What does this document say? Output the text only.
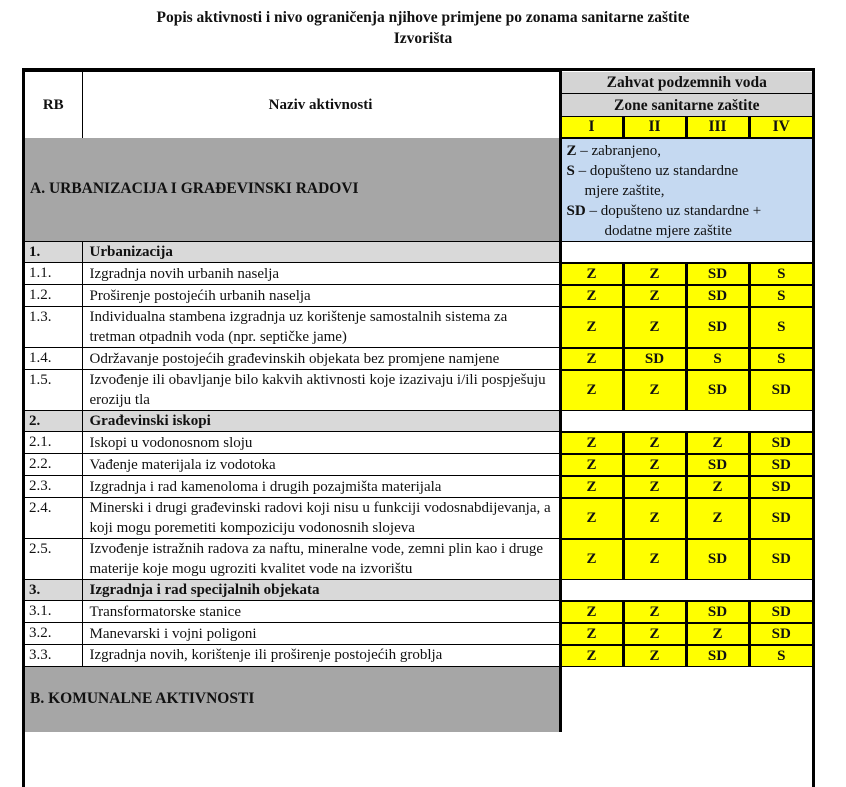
Popis aktivnosti i nivo ograničenja njihove primjene po zonama sanitarne zaštite
Izvorišta
RB	Naziv aktivnosti	Zahvat podzemnih voda			
		Zone sanitarne zaštite			
		I	II	III	IV
A. URBANIZACIJA I GRAĐEVINSKI RADOVI		Z – zabranjeno,
S – dopušteno uz standardne
mjere zaštite,
SD – dopušteno uz standardne +
dodatne mjere zaštite			

1.	Urbanizacija				
1.1.	Izgradnja novih urbanih naselja	Z	Z	SD	S
1.2.	Proširenje postojećih urbanih naselja	Z	Z	SD	S
1.3.	Individualna stambena izgradnja uz korištenje samostalnih sistema za tretman otpadnih voda (npr. septičke jame)	Z	Z	SD	S
1.4.	Održavanje postojećih građevinskih objekata bez promjene namjene	Z	SD	S	S
1.5.	Izvođenje ili obavljanje bilo kakvih aktivnosti koje izazivaju i/ili pospješuju eroziju tla	Z	Z	SD	SD
2.	Građevinski iskopi				
2.1.	Iskopi u vodonosnom sloju	Z	Z	Z	SD
2.2.	Vađenje materijala iz vodotoka	Z	Z	SD	SD
2.3.	Izgradnja i rad kamenoloma i drugih pozajmišta materijala	Z	Z	Z	SD
2.4.	Minerski i drugi građevinski radovi koji nisu u funkciji vodosnabdijevanja, a koji mogu poremetiti kompoziciju vodonosnih slojeva	Z	Z	Z	SD
2.5.	Izvođenje istražnih radova za naftu, mineralne vode, zemni plin kao i druge materije koje mogu ugroziti kvalitet vode na izvorištu	Z	Z	SD	SD
3.	Izgradnja i rad specijalnih objekata				
3.1.	Transformatorske stanice	Z	Z	SD	SD
3.2.	Manevarski i vojni poligoni	Z	Z	Z	SD
3.3.	Izgradnja novih, korištenje ili proširenje postojećih groblja	Z	Z	SD	S
B. KOMUNALNE AKTIVNOSTI					
